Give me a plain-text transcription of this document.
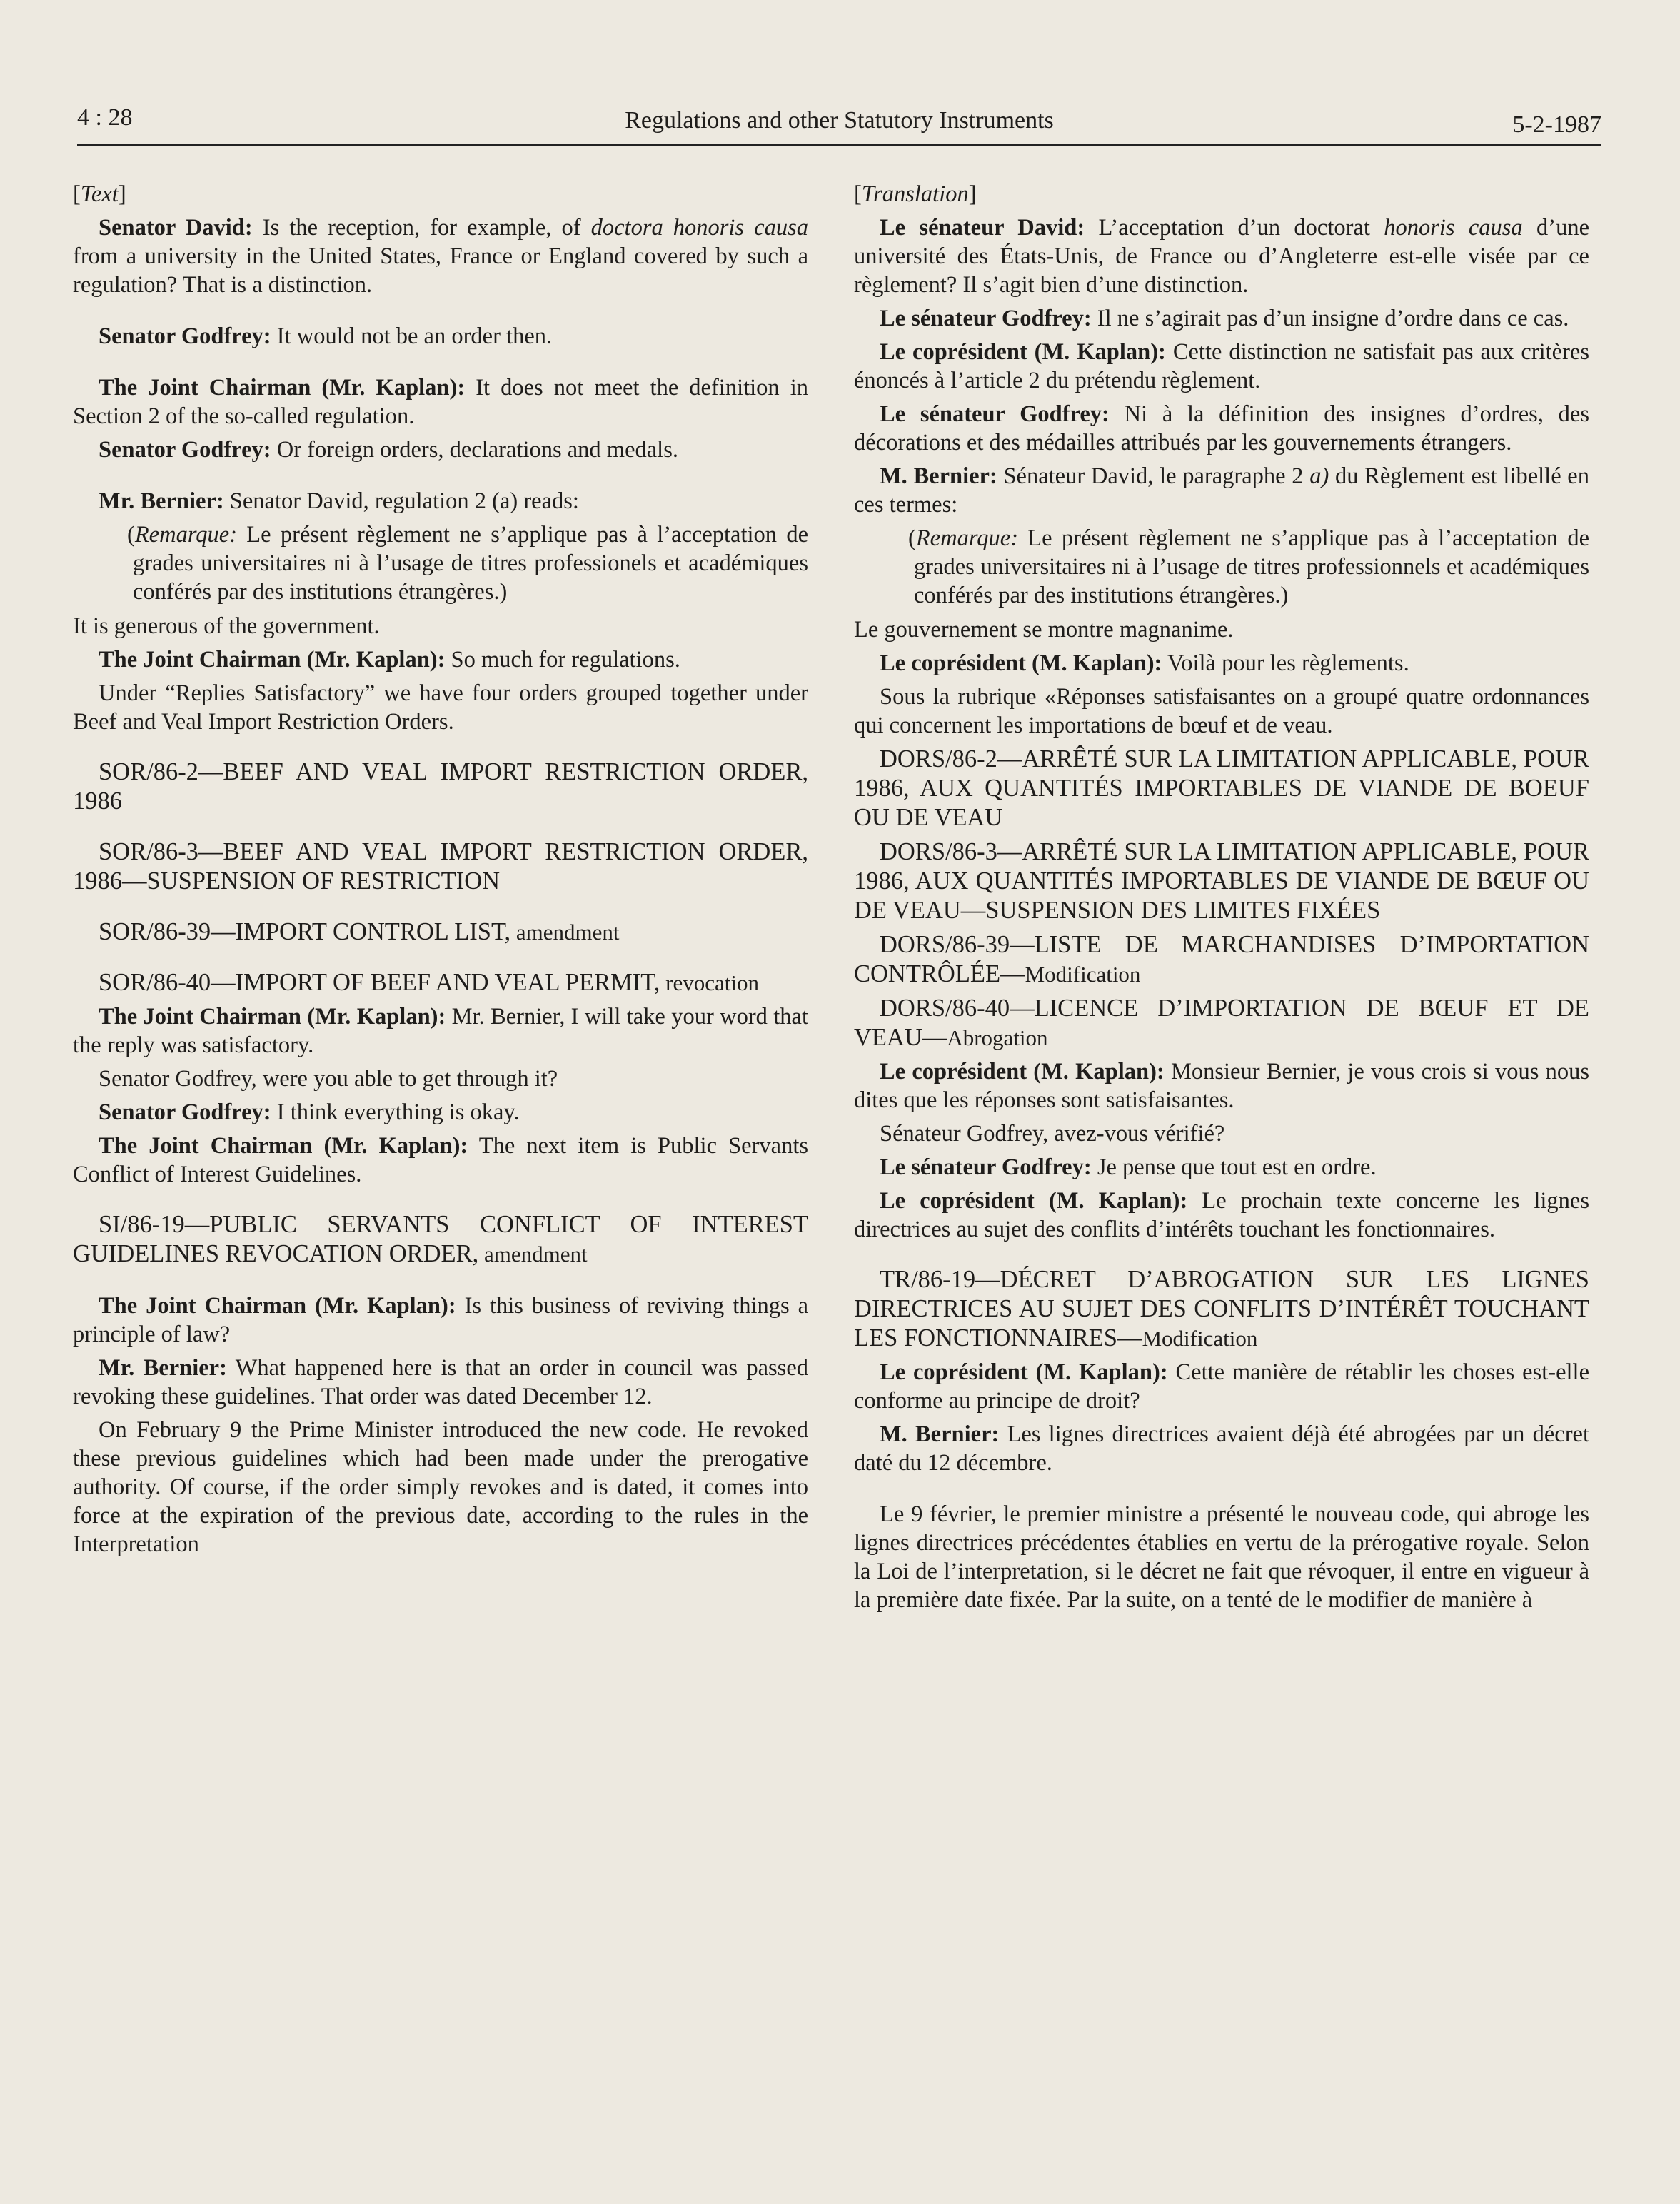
4 : 28	Regulations and other Statutory Instruments	5-2-1987

[Text]

Senator David: Is the reception, for example, of doctora honoris causa from a university in the United States, France or England covered by such a regulation? That is a distinction.

Senator Godfrey: It would not be an order then.

The Joint Chairman (Mr. Kaplan): It does not meet the definition in Section 2 of the so-called regulation.

Senator Godfrey: Or foreign orders, declarations and medals.

Mr. Bernier: Senator David, regulation 2 (a) reads:

(Remarque: Le présent règlement ne s’applique pas à l’acceptation de grades universitaires ni à l’usage de titres professionels et académiques conférés par des institutions étrangères.)

It is generous of the government.

The Joint Chairman (Mr. Kaplan): So much for regulations.

Under “Replies Satisfactory” we have four orders grouped together under Beef and Veal Import Restriction Orders.

SOR/86-2—BEEF AND VEAL IMPORT RESTRICTION ORDER, 1986
SOR/86-3—BEEF AND VEAL IMPORT RESTRICTION ORDER, 1986—SUSPENSION OF RESTRICTION
SOR/86-39—IMPORT CONTROL LIST, amendment
SOR/86-40—IMPORT OF BEEF AND VEAL PERMIT, revocation

The Joint Chairman (Mr. Kaplan): Mr. Bernier, I will take your word that the reply was satisfactory.

Senator Godfrey, were you able to get through it?

Senator Godfrey: I think everything is okay.

The Joint Chairman (Mr. Kaplan): The next item is Public Servants Conflict of Interest Guidelines.

SI/86-19—PUBLIC SERVANTS CONFLICT OF INTEREST GUIDELINES REVOCATION ORDER, amendment

The Joint Chairman (Mr. Kaplan): Is this business of reviving things a principle of law?

Mr. Bernier: What happened here is that an order in council was passed revoking these guidelines. That order was dated December 12.

On February 9 the Prime Minister introduced the new code. He revoked these previous guidelines which had been made under the prerogative authority. Of course, if the order simply revokes and is dated, it comes into force at the expiration of the previous date, according to the rules in the Interpretation

[Translation]

Le sénateur David: L’acceptation d’un doctorat honoris causa d’une université des États-Unis, de France ou d’Angleterre est-elle visée par ce règlement? Il s’agit bien d’une distinction.

Le sénateur Godfrey: Il ne s’agirait pas d’un insigne d’ordre dans ce cas.

Le coprésident (M. Kaplan): Cette distinction ne satisfait pas aux critères énoncés à l’article 2 du prétendu règlement.

Le sénateur Godfrey: Ni à la définition des insignes d’ordres, des décorations et des médailles attribués par les gouvernements étrangers.

M. Bernier: Sénateur David, le paragraphe 2 a) du Règlement est libellé en ces termes:

(Remarque: Le présent règlement ne s’applique pas à l’acceptation de grades universitaires ni à l’usage de titres professionnels et académiques conférés par des institutions étrangères.)

Le gouvernement se montre magnanime.

Le coprésident (M. Kaplan): Voilà pour les règlements.

Sous la rubrique «Réponses satisfaisantes on a groupé quatre ordonnances qui concernent les importations de bœuf et de veau.

DORS/86-2—ARRÊTÉ SUR LA LIMITATION APPLICABLE, POUR 1986, AUX QUANTITÉS IMPORTABLES DE VIANDE DE BOEUF OU DE VEAU
DORS/86-3—ARRÊTÉ SUR LA LIMITATION APPLICABLE, POUR 1986, AUX QUANTITÉS IMPORTABLES DE VIANDE DE BŒUF OU DE VEAU—SUSPENSION DES LIMITES FIXÉES
DORS/86-39—LISTE DE MARCHANDISES D’IMPORTATION CONTRÔLÉE—Modification
DORS/86-40—LICENCE D’IMPORTATION DE BŒUF ET DE VEAU—Abrogation

Le coprésident (M. Kaplan): Monsieur Bernier, je vous crois si vous nous dites que les réponses sont satisfaisantes.

Sénateur Godfrey, avez-vous vérifié?

Le sénateur Godfrey: Je pense que tout est en ordre.

Le coprésident (M. Kaplan): Le prochain texte concerne les lignes directrices au sujet des conflits d’intérêts touchant les fonctionnaires.

TR/86-19—DÉCRET D’ABROGATION SUR LES LIGNES DIRECTRICES AU SUJET DES CONFLITS D’INTÉRÊT TOUCHANT LES FONCTIONNAIRES—Modification

Le coprésident (M. Kaplan): Cette manière de rétablir les choses est-elle conforme au principe de droit?

M. Bernier: Les lignes directrices avaient déjà été abrogées par un décret daté du 12 décembre.

Le 9 février, le premier ministre a présenté le nouveau code, qui abroge les lignes directrices précédentes établies en vertu de la prérogative royale. Selon la Loi de l’interpretation, si le décret ne fait que révoquer, il entre en vigueur à la première date fixée. Par la suite, on a tenté de le modifier de manière à
